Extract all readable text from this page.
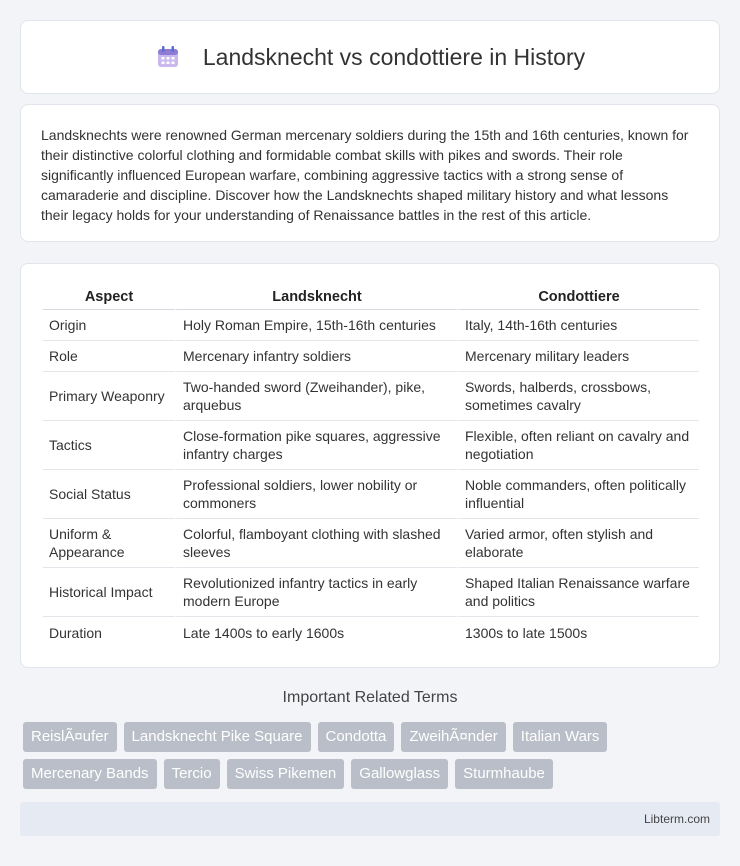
Landsknecht vs condottiere in History

Landsknechts were renowned German mercenary soldiers during the 15th and 16th centuries, known for their distinctive colorful clothing and formidable combat skills with pikes and swords. Their role significantly influenced European warfare, combining aggressive tactics with a strong sense of camaraderie and discipline. Discover how the Landsknechts shaped military history and what lessons their legacy holds for your understanding of Renaissance battles in the rest of this article.

Aspect	Landsknecht	Condottiere
Origin	Holy Roman Empire, 15th-16th centuries	Italy, 14th-16th centuries
Role	Mercenary infantry soldiers	Mercenary military leaders
Primary Weaponry	Two-handed sword (Zweihander), pike, arquebus	Swords, halberds, crossbows, sometimes cavalry
Tactics	Close-formation pike squares, aggressive infantry charges	Flexible, often reliant on cavalry and negotiation
Social Status	Professional soldiers, lower nobility or commoners	Noble commanders, often politically influential
Uniform & Appearance	Colorful, flamboyant clothing with slashed sleeves	Varied armor, often stylish and elaborate
Historical Impact	Revolutionized infantry tactics in early modern Europe	Shaped Italian Renaissance warfare and politics
Duration	Late 1400s to early 1600s	1300s to late 1500s
Important Related Terms
ReislÃ¤ufer	Landsknecht Pike Square	Condotta	ZweihÃ¤nder	Italian Wars
Mercenary Bands	Tercio	Swiss Pikemen	Gallowglass	Sturmhaube
Libterm.com
